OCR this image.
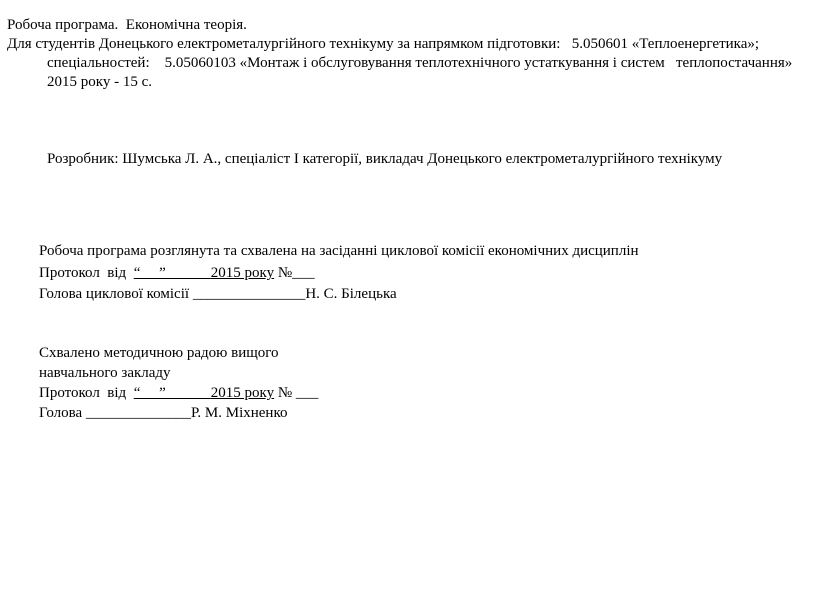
Робоча програма.  Економічна теорія.
Для студентів Донецького електрометалургійного технікуму за напрямком підготовки:   5.050601 «Теплоенергетика»;
спеціальностей:    5.05060103 «Монтаж і обслуговування теплотехнічного устаткування і систем   теплопостачання»
2015 року - 15 с.
Розробник: Шумська Л. А., спеціаліст І категорії, викладач Донецького електрометалургійного технікуму
Робоча програма розглянута та схвалена на засіданні циклової комісії економічних дисциплін
Протокол  від  “     ”            2015 року №___
Голова циклової комісії _______________Н. С. Білецька
Схвалено методичною радою вищого
навчального закладу
Протокол  від  “     ”            2015 року № ___
Голова ______________Р. М. Міхненко
